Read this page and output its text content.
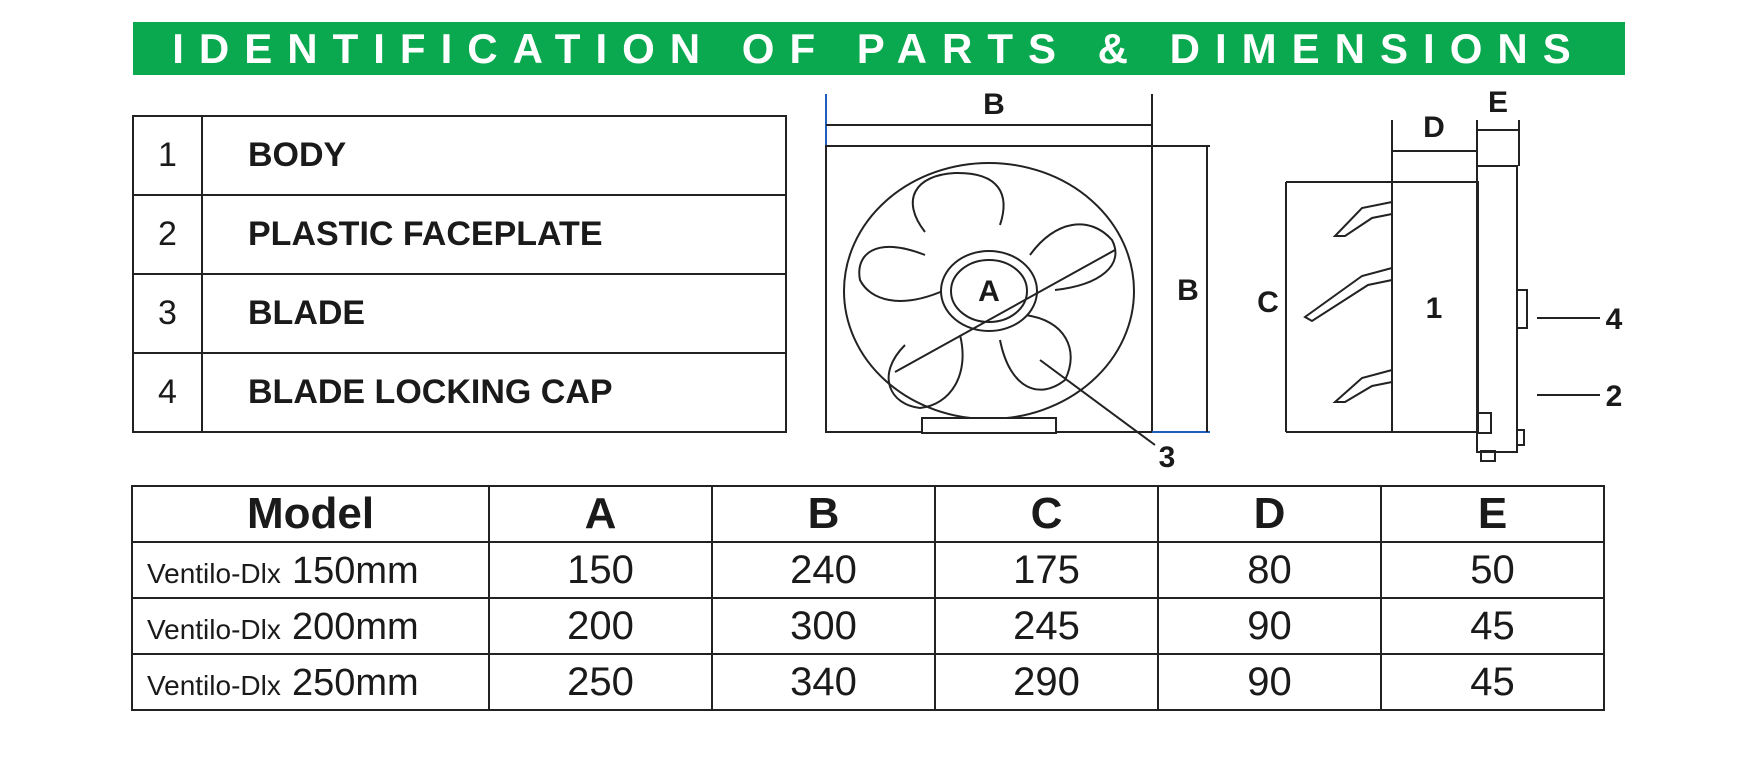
IDENTIFICATION OF PARTS & DIMENSIONS
1	BODY
2	PLASTIC FACEPLATE
3	BLADE
4	BLADE LOCKING CAP
B
B
A
3
D
E
C	1	4
2
Model	A	B	C	D	E
Ventilo-Dlx 150mm	150	240	175	80	50
Ventilo-Dlx 200mm	200	300	245	90	45
Ventilo-Dlx 250mm	250	340	290	90	45
